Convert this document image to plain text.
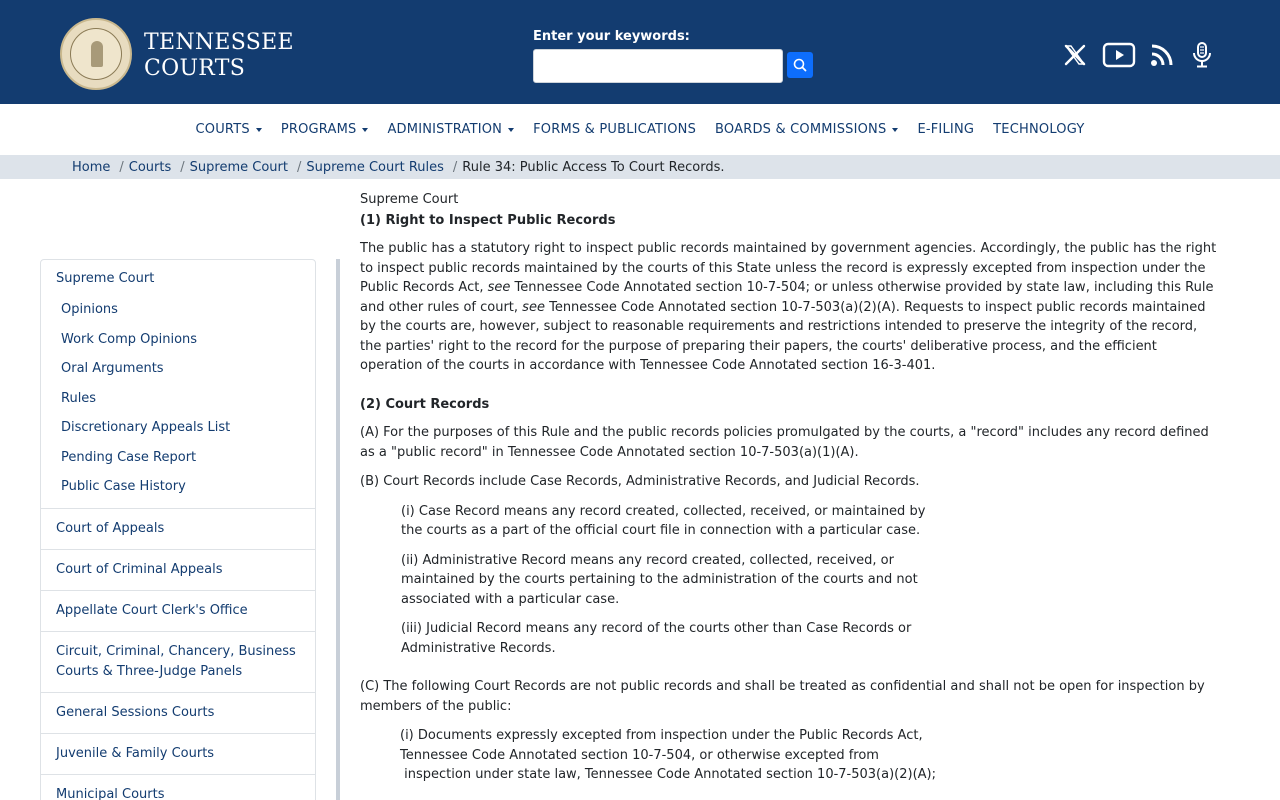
TENNESSEE
COURTS
Enter your keywords:
COURTS	PROGRAMS	ADMINISTRATION	FORMS & PUBLICATIONS	BOARDS & COMMISSIONS	E-FILING	TECHNOLOGY
Home / Courts / Supreme Court / Supreme Court Rules / Rule 34: Public Access To Court Records.
Supreme Court
Opinions
Work Comp Opinions
Oral Arguments
Rules
Discretionary Appeals List
Pending Case Report
Public Case History
Court of Appeals
Court of Criminal Appeals
Appellate Court Clerk's Office
Circuit, Criminal, Chancery, Business Courts & Three-Judge Panels
General Sessions Courts
Juvenile & Family Courts
Municipal Courts
Supreme Court
(1) Right to Inspect Public Records
The public has a statutory right to inspect public records maintained by government agencies. Accordingly, the public has the right to inspect public records maintained by the courts of this State unless the record is expressly excepted from inspection under the Public Records Act, see Tennessee Code Annotated section 10-7-504; or unless otherwise provided by state law, including this Rule and other rules of court, see Tennessee Code Annotated section 10-7-503(a)(2)(A). Requests to inspect public records maintained by the courts are, however, subject to reasonable requirements and restrictions intended to preserve the integrity of the record, the parties' right to the record for the purpose of preparing their papers, the courts' deliberative process, and the efficient operation of the courts in accordance with Tennessee Code Annotated section 16-3-401.
(2) Court Records
(A) For the purposes of this Rule and the public records policies promulgated by the courts, a "record" includes any record defined as a "public record" in Tennessee Code Annotated section 10-7-503(a)(1)(A).
(B) Court Records include Case Records, Administrative Records, and Judicial Records.
(i) Case Record means any record created, collected, received, or maintained by the courts as a part of the official court file in connection with a particular case.
(ii) Administrative Record means any record created, collected, received, or maintained by the courts pertaining to the administration of the courts and not associated with a particular case.
(iii) Judicial Record means any record of the courts other than Case Records or Administrative Records.
(C) The following Court Records are not public records and shall be treated as confidential and shall not be open for inspection by members of the public:
(i) Documents expressly excepted from inspection under the Public Records Act,
Tennessee Code Annotated section 10-7-504, or otherwise excepted from
inspection under state law, Tennessee Code Annotated section 10-7-503(a)(2)(A);
